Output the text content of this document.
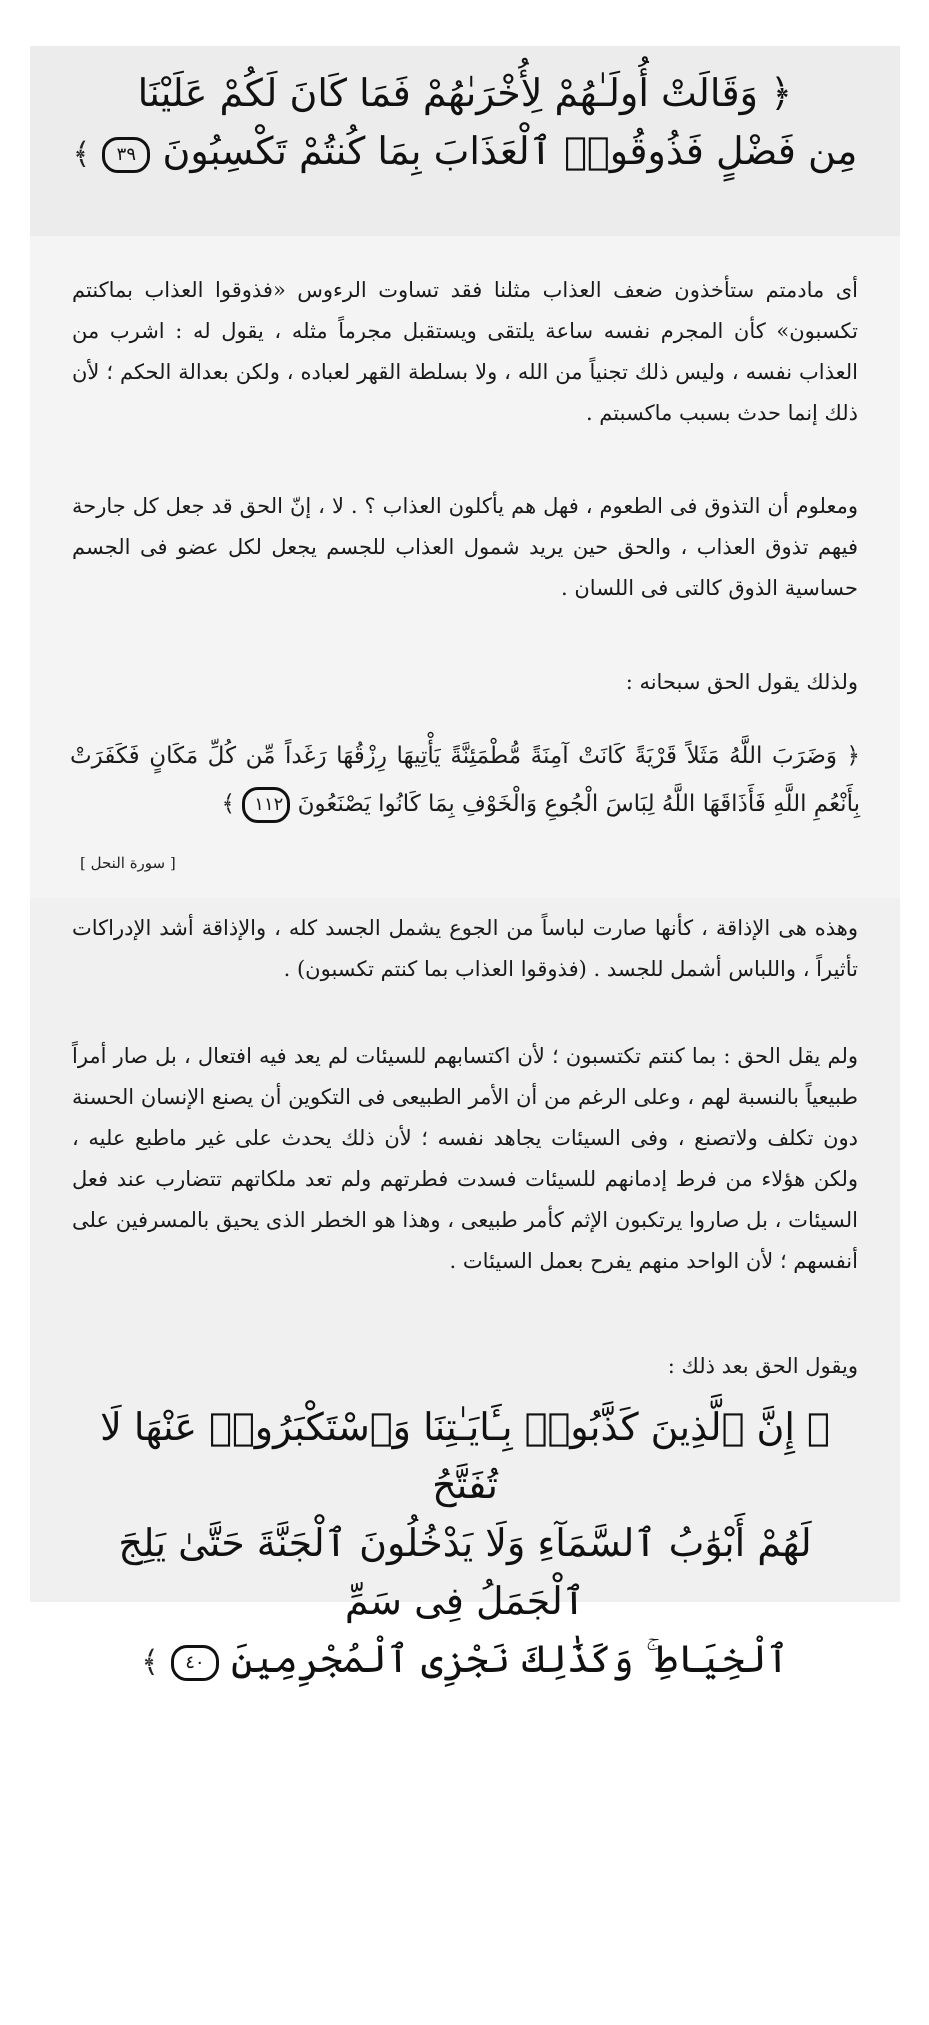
﴿ وَقَالَتْ أُولَـٰهُمْ لِأُخْرَىٰهُمْ فَمَا كَانَ لَكُمْ عَلَيْنَا
مِن فَضْلٍ فَذُوقُوا۟ ٱلْعَذَابَ بِمَا كُنتُمْ تَكْسِبُونَ ٣٩ ﴾
أى مادمتم ستأخذون ضعف العذاب مثلنا فقد تساوت الرءوس «فذوقوا العذاب بماكنتم تكسبون» كأن المجرم نفسه ساعة يلتقى ويستقبل مجرماً مثله ، يقول له : اشرب من العذاب نفسه ، وليس ذلك تجنياً من الله ، ولا بسلطة القهر لعباده ، ولكن بعدالة الحكم ؛ لأن ذلك إنما حدث بسبب ماكسبتم .
ومعلوم أن التذوق فى الطعوم ، فهل هم يأكلون العذاب ؟ . لا ، إنّ الحق قد جعل كل جارحة فيهم تذوق العذاب ، والحق حين يريد شمول العذاب للجسم يجعل لكل عضو فى الجسم حساسية الذوق كالتى فى اللسان .
ولذلك يقول الحق سبحانه :
﴿ وَضَرَبَ اللَّهُ مَثَلاً قَرْيَةً كَانَتْ آمِنَةً مُّطْمَئِنَّةً يَأْتِيهَا رِزْقُهَا رَغَداً مِّن كُلِّ مَكَانٍ فَكَفَرَتْ بِأَنْعُمِ اللَّهِ فَأَذَاقَهَا اللَّهُ لِبَاسَ الْجُوعِ وَالْخَوْفِ بِمَا كَانُوا يَصْنَعُونَ ١١٢ ﴾
[ سورة النحل ]
وهذه هى الإذاقة ، كأنها صارت لباساً من الجوع يشمل الجسد كله ، والإذاقة أشد الإدراكات تأثيراً ، واللباس أشمل للجسد . (فذوقوا العذاب بما كنتم تكسبون) .
ولم يقل الحق : بما كنتم تكتسبون ؛ لأن اكتسابهم للسيئات لم يعد فيه افتعال ، بل صار أمراً طبيعياً بالنسبة لهم ، وعلى الرغم من أن الأمر الطبيعى فى التكوين أن يصنع الإنسان الحسنة دون تكلف ولاتصنع ، وفى السيئات يجاهد نفسه ؛ لأن ذلك يحدث على غير ماطبع عليه ، ولكن هؤلاء من فرط إدمانهم للسيئات فسدت فطرتهم ولم تعد ملكاتهم تتضارب عند فعل السيئات ، بل صاروا يرتكبون الإثم كأمر طبيعى ، وهذا هو الخطر الذى يحيق بالمسرفين على أنفسهم ؛ لأن الواحد منهم يفرح بعمل السيئات .
ويقول الحق بعد ذلك :
﴿ إِنَّ ٱلَّذِينَ كَذَّبُوا۟ بِـَٔايَـٰتِنَا وَٱسْتَكْبَرُوا۟ عَنْهَا لَا تُفَتَّحُ
لَهُمْ أَبْوَٰبُ ٱلسَّمَآءِ وَلَا يَدْخُلُونَ ٱلْجَنَّةَ حَتَّىٰ يَلِجَ ٱلْجَمَلُ فِى سَمِّ
ٱلْخِيَاطِ ۚ وَكَذَٰلِكَ نَجْزِى ٱلْمُجْرِمِينَ ٤٠ ﴾
